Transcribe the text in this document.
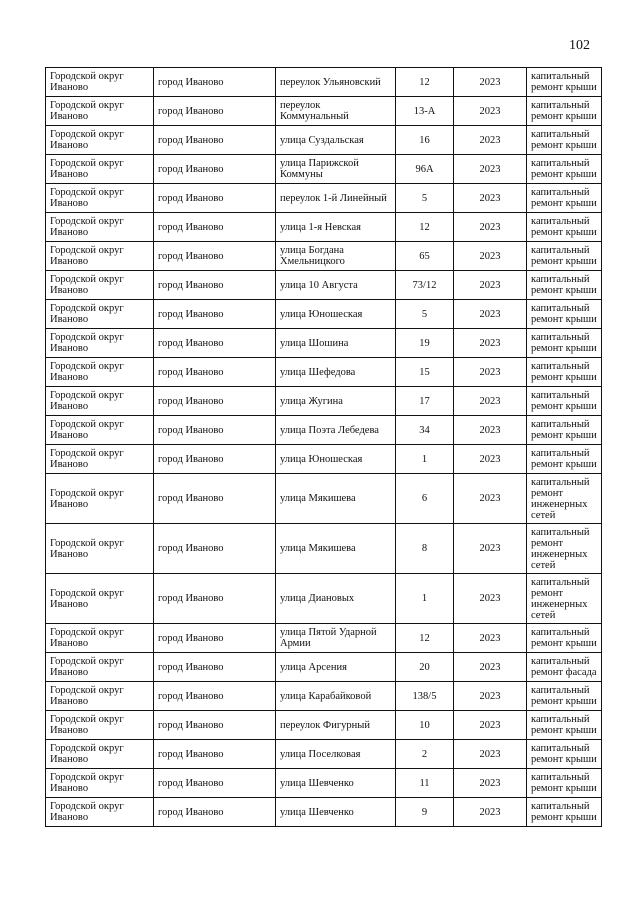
102
Городской округ Иваново	город Иваново	переулок Ульяновский	12	2023	капитальный ремонт крыши
Городской округ Иваново	город Иваново	переулок Коммунальный	13-А	2023	капитальный ремонт крыши
Городской округ Иваново	город Иваново	улица Суздальская	16	2023	капитальный ремонт крыши
Городской округ Иваново	город Иваново	улица Парижской Коммуны	96А	2023	капитальный ремонт крыши
Городской округ Иваново	город Иваново	переулок 1-й Линейный	5	2023	капитальный ремонт крыши
Городской округ Иваново	город Иваново	улица 1-я Невская	12	2023	капитальный ремонт крыши
Городской округ Иваново	город Иваново	улица Богдана Хмельницкого	65	2023	капитальный ремонт крыши
Городской округ Иваново	город Иваново	улица 10 Августа	73/12	2023	капитальный ремонт крыши
Городской округ Иваново	город Иваново	улица Юношеская	5	2023	капитальный ремонт крыши
Городской округ Иваново	город Иваново	улица Шошина	19	2023	капитальный ремонт крыши
Городской округ Иваново	город Иваново	улица Шефедова	15	2023	капитальный ремонт крыши
Городской округ Иваново	город Иваново	улица Жугина	17	2023	капитальный ремонт крыши
Городской округ Иваново	город Иваново	улица Поэта Лебедева	34	2023	капитальный ремонт крыши
Городской округ Иваново	город Иваново	улица Юношеская	1	2023	капитальный ремонт крыши
Городской округ Иваново	город Иваново	улица Мякишева	6	2023	капитальный ремонт инженерных сетей
Городской округ Иваново	город Иваново	улица Мякишева	8	2023	капитальный ремонт инженерных сетей
Городской округ Иваново	город Иваново	улица Диановых	1	2023	капитальный ремонт инженерных сетей
Городской округ Иваново	город Иваново	улица Пятой Ударной Армии	12	2023	капитальный ремонт крыши
Городской округ Иваново	город Иваново	улица Арсения	20	2023	капитальный ремонт фасада
Городской округ Иваново	город Иваново	улица Карабайковой	138/5	2023	капитальный ремонт крыши
Городской округ Иваново	город Иваново	переулок Фигурный	10	2023	капитальный ремонт крыши
Городской округ Иваново	город Иваново	улица Поселковая	2	2023	капитальный ремонт крыши
Городской округ Иваново	город Иваново	улица Шевченко	11	2023	капитальный ремонт крыши
Городской округ Иваново	город Иваново	улица Шевченко	9	2023	капитальный ремонт крыши
